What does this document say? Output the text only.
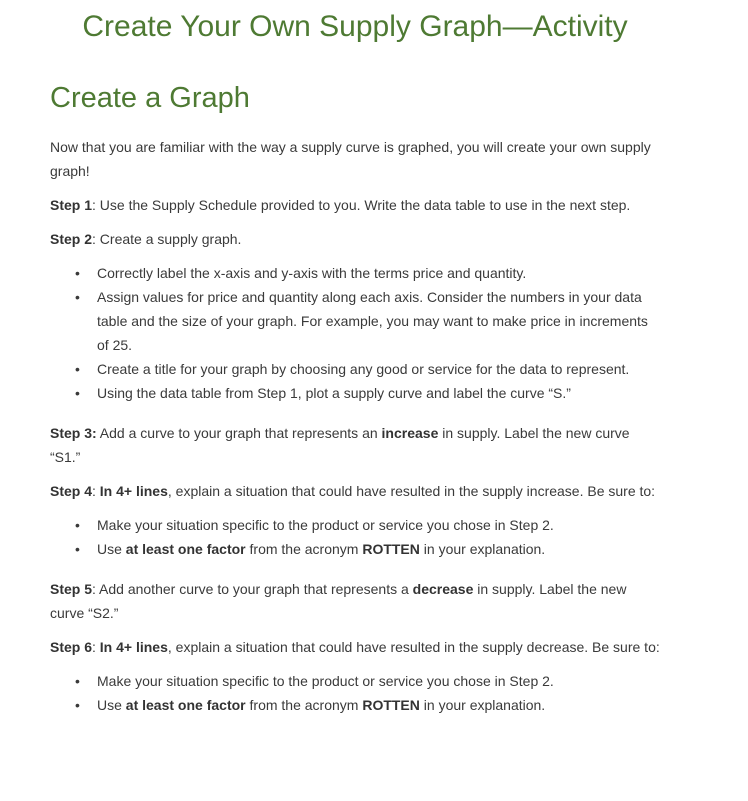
Create Your Own Supply Graph—Activity
Create a Graph

Now that you are familiar with the way a supply curve is graphed, you will create your own supply graph!

Step 1: Use the Supply Schedule provided to you. Write the data table to use in the next step.

Step 2: Create a supply graph.

• Correctly label the x-axis and y-axis with the terms price and quantity.
• Assign values for price and quantity along each axis. Consider the numbers in your data table and the size of your graph. For example, you may want to make price in increments of 25.
• Create a title for your graph by choosing any good or service for the data to represent.
• Using the data table from Step 1, plot a supply curve and label the curve “S.”

Step 3: Add a curve to your graph that represents an increase in supply. Label the new curve “S1.”

Step 4: In 4+ lines, explain a situation that could have resulted in the supply increase. Be sure to:

• Make your situation specific to the product or service you chose in Step 2.
• Use at least one factor from the acronym ROTTEN in your explanation.

Step 5: Add another curve to your graph that represents a decrease in supply. Label the new curve “S2.”

Step 6: In 4+ lines, explain a situation that could have resulted in the supply decrease. Be sure to:

• Make your situation specific to the product or service you chose in Step 2.
• Use at least one factor from the acronym ROTTEN in your explanation.
